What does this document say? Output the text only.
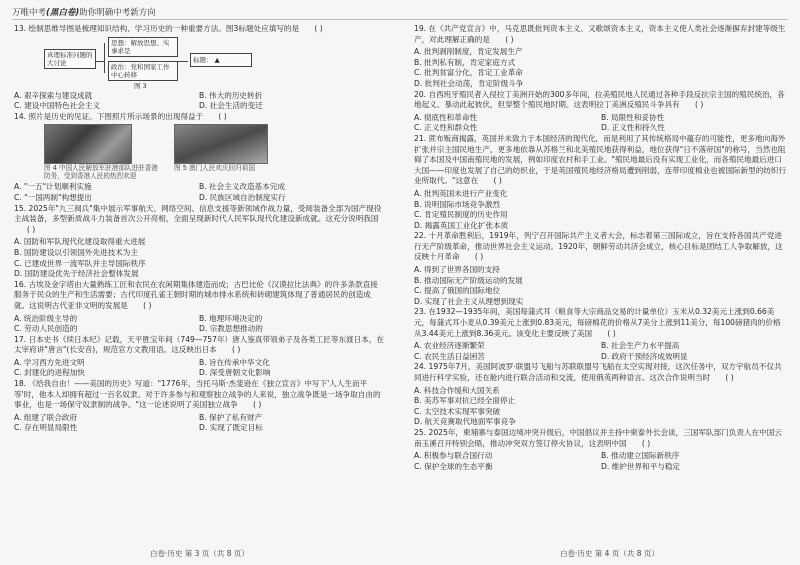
万唯中考(黑白卷)助你明确中考新方向
13. 绘制思维导图是梳理知识结构、学习历史的一种重要方法。图3标题处应填写的是 ( )
真理标准问题的大讨论
思想：解放思想、实事求是
政治：党和国家工作中心转移
标题： ▲
图 3
A. 艰辛探索与建设成就	B. 伟大的历史转折
C. 建设中国特色社会主义	D. 社会生活的变迁
14. 照片是历史的见证。下图照片所示场景的出现得益于 ( )
图 4 中国人民解放军驻港部队进驻香港防务，受到香港人民的热烈欢迎
图 5 澳门人民欢庆回归祖国
A. "一五"计划顺利实施	B. 社会主义改造基本完成
C. "一国两制"构想提出	D. 民族区域自治制度实行
15. 2025年"九三阅兵"集中展示军事航天、网络空间、信息支援等新领域作战力量，受阅装备全部为国产现役主战装备，多型新质战斗力装备首次公开亮相，全面呈现新时代人民军队现代化建设新成就。这充分说明我国 ( )
A. 国防和军队现代化建设取得重大进展
B. 国防建设以引领国外先进技术为主
C. 已建成世界一流军队并主导国际秩序
D. 国防建设优先于经济社会整体发展
16. 古埃及金字塔由大量熟练工匠和农民在农闲期集体建造而成；古巴比伦《汉谟拉比法典》的许多条款直接服务于民众的生产和生活需要；古代印度孔雀王朝时期的城市排水系统和砖砌建筑体现了普通居民的创造成就。这说明古代亚非文明的发展是 ( )
A. 统治阶级主导的	B. 地理环境决定的
C. 劳动人民创造的	D. 宗教思想推动的
17. 日本史书《续日本纪》记载，天平胜宝年间（749—757年）唐人鉴真带领弟子及各类工匠等东渡日本，在太宰府讲"唐言"(长安音)，规范官方文教用语。这反映出日本 ( )
A. 学习西方先进文明	B. 旨在传承中华文化
C. 封建化的进程加快	D. 深受唐朝文化影响
18. 《给我自由！——美国的历史》写道："1776年，当托马斯·杰斐逊在《独立宣言》中写下'人人生而平等'时，他本人却拥有超过一百名奴隶。对于许多参与和观察独立战争的人来说，独立战争既是一场争取自由的事业，也是一场保守奴隶制的战争。"这一论述说明了美国独立战争 ( )
A. 组建了联合政府	B. 保护了私有财产
C. 存在明显局限性	D. 实现了既定目标
白卷·历史 第 3 页（共 8 页）
19. 在《共产党宣言》中，马克思既批判资本主义、又歌颂资本主义，资本主义使人类社会逐渐摒弃封建等级生产，对此理解正确的是 ( )
A. 批判剥削制度，肯定发展生产
B. 批判私有制，肯定家庭方式
C. 批判贫富分化，肯定工业革命
D. 批判社会动荡，肯定阶级斗争
20. 自西班牙殖民者入侵拉丁美洲开始的300多年间，拉美殖民地人民通过各种手段反抗宗主国的殖民统治，各地起义、暴动此起彼伏，但穿整个殖民地时期。这表明拉丁美洲反殖民斗争具有 ( )
A. 彻底性和革命性	B. 局限性和妥协性
C. 正义性和群众性	D. 正义性和持久性
21. 蔗布贩商揭露，英国并未致力于本国经济的现代化，而是利用了其传统格局中蕴存的可能性，更多地向海外扩张并宗主国民地生产，更多地依靠从苏格兰和北美殖民地获得利益，地位获得"日不落帝国"的称号，当然也阻碍了本国及中国南殖民地的发展，例如印度农村和手工业。"殖民地最后没有实现工业化，而各殖民地最后进口大国——印度也发展了自己的纺织业，于是英国殖民地经济格局遭到削弱，连带印度棉业也被国际新型的纺织行业所取代。"这意在 ( )
A. 批判英国未进行产业变化
B. 说明国际市场竞争激烈
C. 肯定殖民制度的历史作用
D. 揭露英国工业化扩张本质
22. 十月革命胜利后，1919年，列宁召开国际共产主义者大会，标志着第三国际成立，旨在支持各国共产党进行无产阶级革命，推动世界社会主义运动。1920年，朝鲜劳动共济会成立，核心目标是团结工人争取解放，这反映十月革命 ( )
A. 得到了世界各国的支持
B. 推动国际无产阶级运动的发展
C. 提高了俄国的国际地位
D. 实现了社会主义从理想到现实
23. 在1932—1935年间，美国每蒲式耳（粮食等大宗商品交易的计量单位）玉米从0.32美元上涨到0.66美元，每蒲式耳小麦从0.39美元上涨到0.83美元，每磅棉花的价格从7美分上涨到11美分，每100磅猪肉的价格从3.44美元上涨到8.36美元。该变化主要反映了美国 ( )
A. 农业经济逐渐繁荣	B. 社会生产力水平提高
C. 农民生活日益困苦	D. 政府干预经济成效明显
24. 1975年7月，美国阿波罗·联盟号飞船与苏联联盟号飞船在太空实现对接，这次任务中，双方宇航员不仅共同进行科学实验，还在舱内进行联合活动和交流，使用俄英两种语言。这次合作说明当时 ( )
A. 科技合作缓和大国关系
B. 美苏军事对抗已经全面停止
C. 太空技术实现军事突破
D. 航天竞赛取代地面军事竞争
25. 2025年，柬埔寨与泰国边境冲突升级后，中国倡议并主持中柬泰外长会谈，三国军队部门负责人在中国云南玉溪召开特别会晤，推动冲突双方签订停火协议，这表明中国 ( )
A. 积极参与联合国行动	B. 推动建立国际新秩序
C. 保护全球的生态平衡	D. 维护世界和平与稳定
白卷·历史 第 4 页（共 8 页）
